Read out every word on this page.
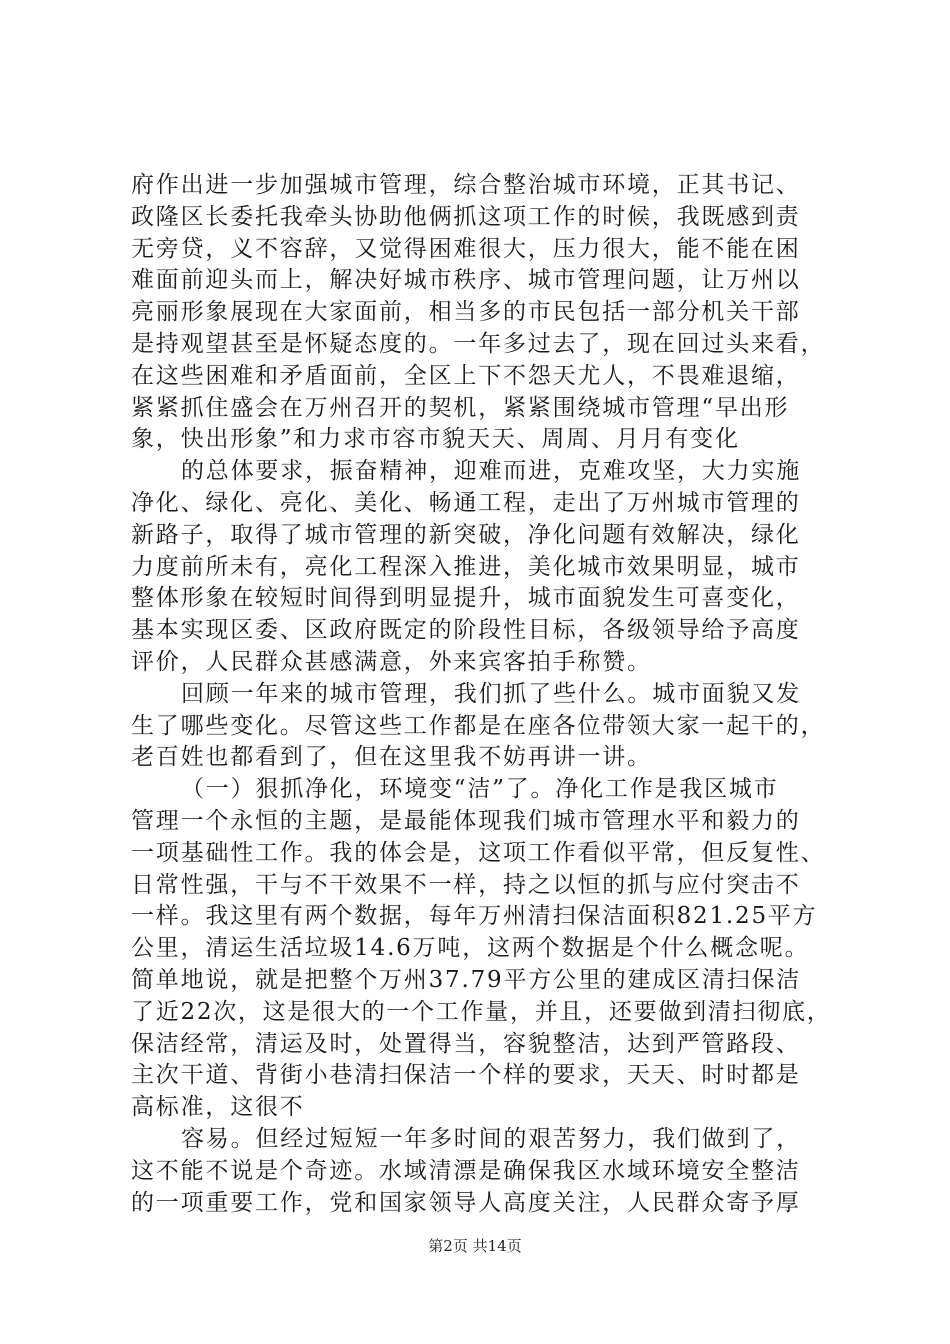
府作出进一步加强城市管理，综合整治城市环境，正其书记、
政隆区长委托我牵头协助他俩抓这项工作的时候，我既感到责
无旁贷，义不容辞，又觉得困难很大，压力很大，能不能在困
难面前迎头而上，解决好城市秩序、城市管理问题，让万州以
亮丽形象展现在大家面前，相当多的市民包括一部分机关干部
是持观望甚至是怀疑态度的。一年多过去了，现在回过头来看，
在这些困难和矛盾面前，全区上下不怨天尤人，不畏难退缩，
紧紧抓住盛会在万州召开的契机，紧紧围绕城市管理“早出形
象，快出形象”和力求市容市貌天天、周周、月月有变化
的总体要求，振奋精神，迎难而进，克难攻坚，大力实施
净化、绿化、亮化、美化、畅通工程，走出了万州城市管理的
新路子，取得了城市管理的新突破，净化问题有效解决，绿化
力度前所未有，亮化工程深入推进，美化城市效果明显，城市
整体形象在较短时间得到明显提升，城市面貌发生可喜变化，
基本实现区委、区政府既定的阶段性目标，各级领导给予高度
评价，人民群众甚感满意，外来宾客拍手称赞。
回顾一年来的城市管理，我们抓了些什么。城市面貌又发
生了哪些变化。尽管这些工作都是在座各位带领大家一起干的，
老百姓也都看到了，但在这里我不妨再讲一讲。
（一）狠抓净化，环境变“洁”了。净化工作是我区城市
管理一个永恒的主题，是最能体现我们城市管理水平和毅力的
一项基础性工作。我的体会是，这项工作看似平常，但反复性、
日常性强，干与不干效果不一样，持之以恒的抓与应付突击不
一样。我这里有两个数据，每年万州清扫保洁面积821.25平方
公里，清运生活垃圾14.6万吨，这两个数据是个什么概念呢。
简单地说，就是把整个万州37.79平方公里的建成区清扫保洁
了近22次，这是很大的一个工作量，并且，还要做到清扫彻底，
保洁经常，清运及时，处置得当，容貌整洁，达到严管路段、
主次干道、背街小巷清扫保洁一个样的要求，天天、时时都是
高标准，这很不
容易。但经过短短一年多时间的艰苦努力，我们做到了，
这不能不说是个奇迹。水域清漂是确保我区水域环境安全整洁
的一项重要工作，党和国家领导人高度关注，人民群众寄予厚
第2页 共14页
